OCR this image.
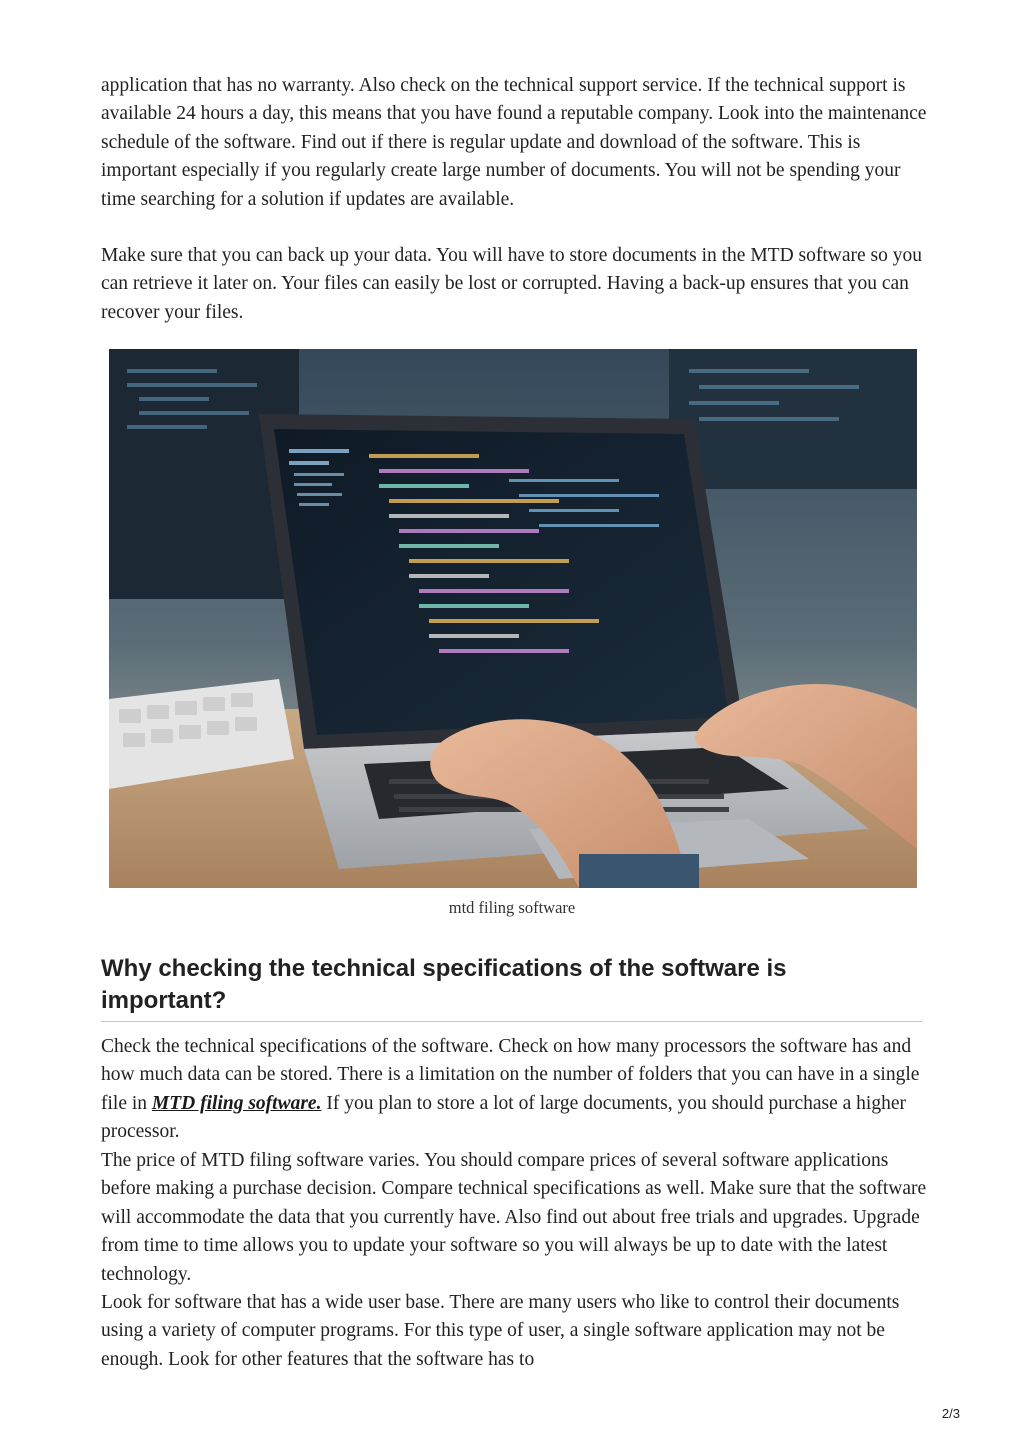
application that has no warranty. Also check on the technical support service. If the technical support is available 24 hours a day, this means that you have found a reputable company. Look into the maintenance schedule of the software. Find out if there is regular update and download of the software. This is important especially if you regularly create large number of documents. You will not be spending your time searching for a solution if updates are available.

Make sure that you can back up your data. You will have to store documents in the MTD software so you can retrieve it later on. Your files can easily be lost or corrupted. Having a back-up ensures that you can recover your files.

mtd filing software
Why checking the technical specifications of the software is important?

Check the technical specifications of the software. Check on how many processors the software has and how much data can be stored. There is a limitation on the number of folders that you can have in a single file in MTD filing software. If you plan to store a lot of large documents, you should purchase a higher processor.

The price of MTD filing software varies. You should compare prices of several software applications before making a purchase decision. Compare technical specifications as well. Make sure that the software will accommodate the data that you currently have. Also find out about free trials and upgrades. Upgrade from time to time allows you to update your software so you will always be up to date with the latest technology.

Look for software that has a wide user base. There are many users who like to control their documents using a variety of computer programs. For this type of user, a single software application may not be enough. Look for other features that the software has to

2/3
